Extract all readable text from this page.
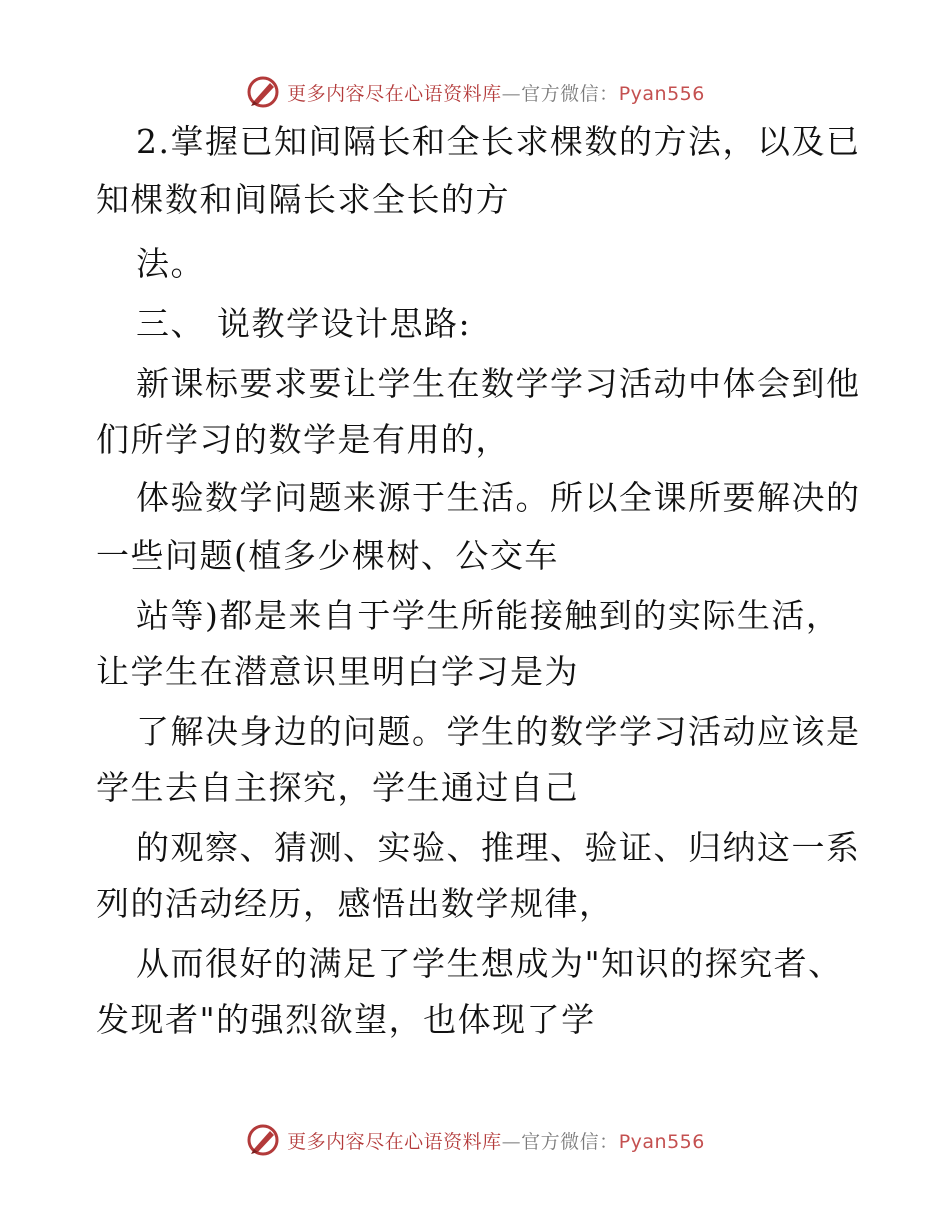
更多内容尽在心语资料库—官方微信：Pyan556
2.掌握已知间隔长和全长求棵数的方法，以及已
知棵数和间隔长求全长的方
法。
三、 说教学设计思路:
新课标要求要让学生在数学学习活动中体会到他
们所学习的数学是有用的，
体验数学问题来源于生活。所以全课所要解决的
一些问题(植多少棵树、公交车
站等)都是来自于学生所能接触到的实际生活，
让学生在潜意识里明白学习是为
了解决身边的问题。学生的数学学习活动应该是
学生去自主探究，学生通过自己
的观察、猜测、实验、推理、验证、归纳这一系
列的活动经历，感悟出数学规律，
从而很好的满足了学生想成为"知识的探究者、
发现者"的强烈欲望，也体现了学
更多内容尽在心语资料库—官方微信：Pyan556
